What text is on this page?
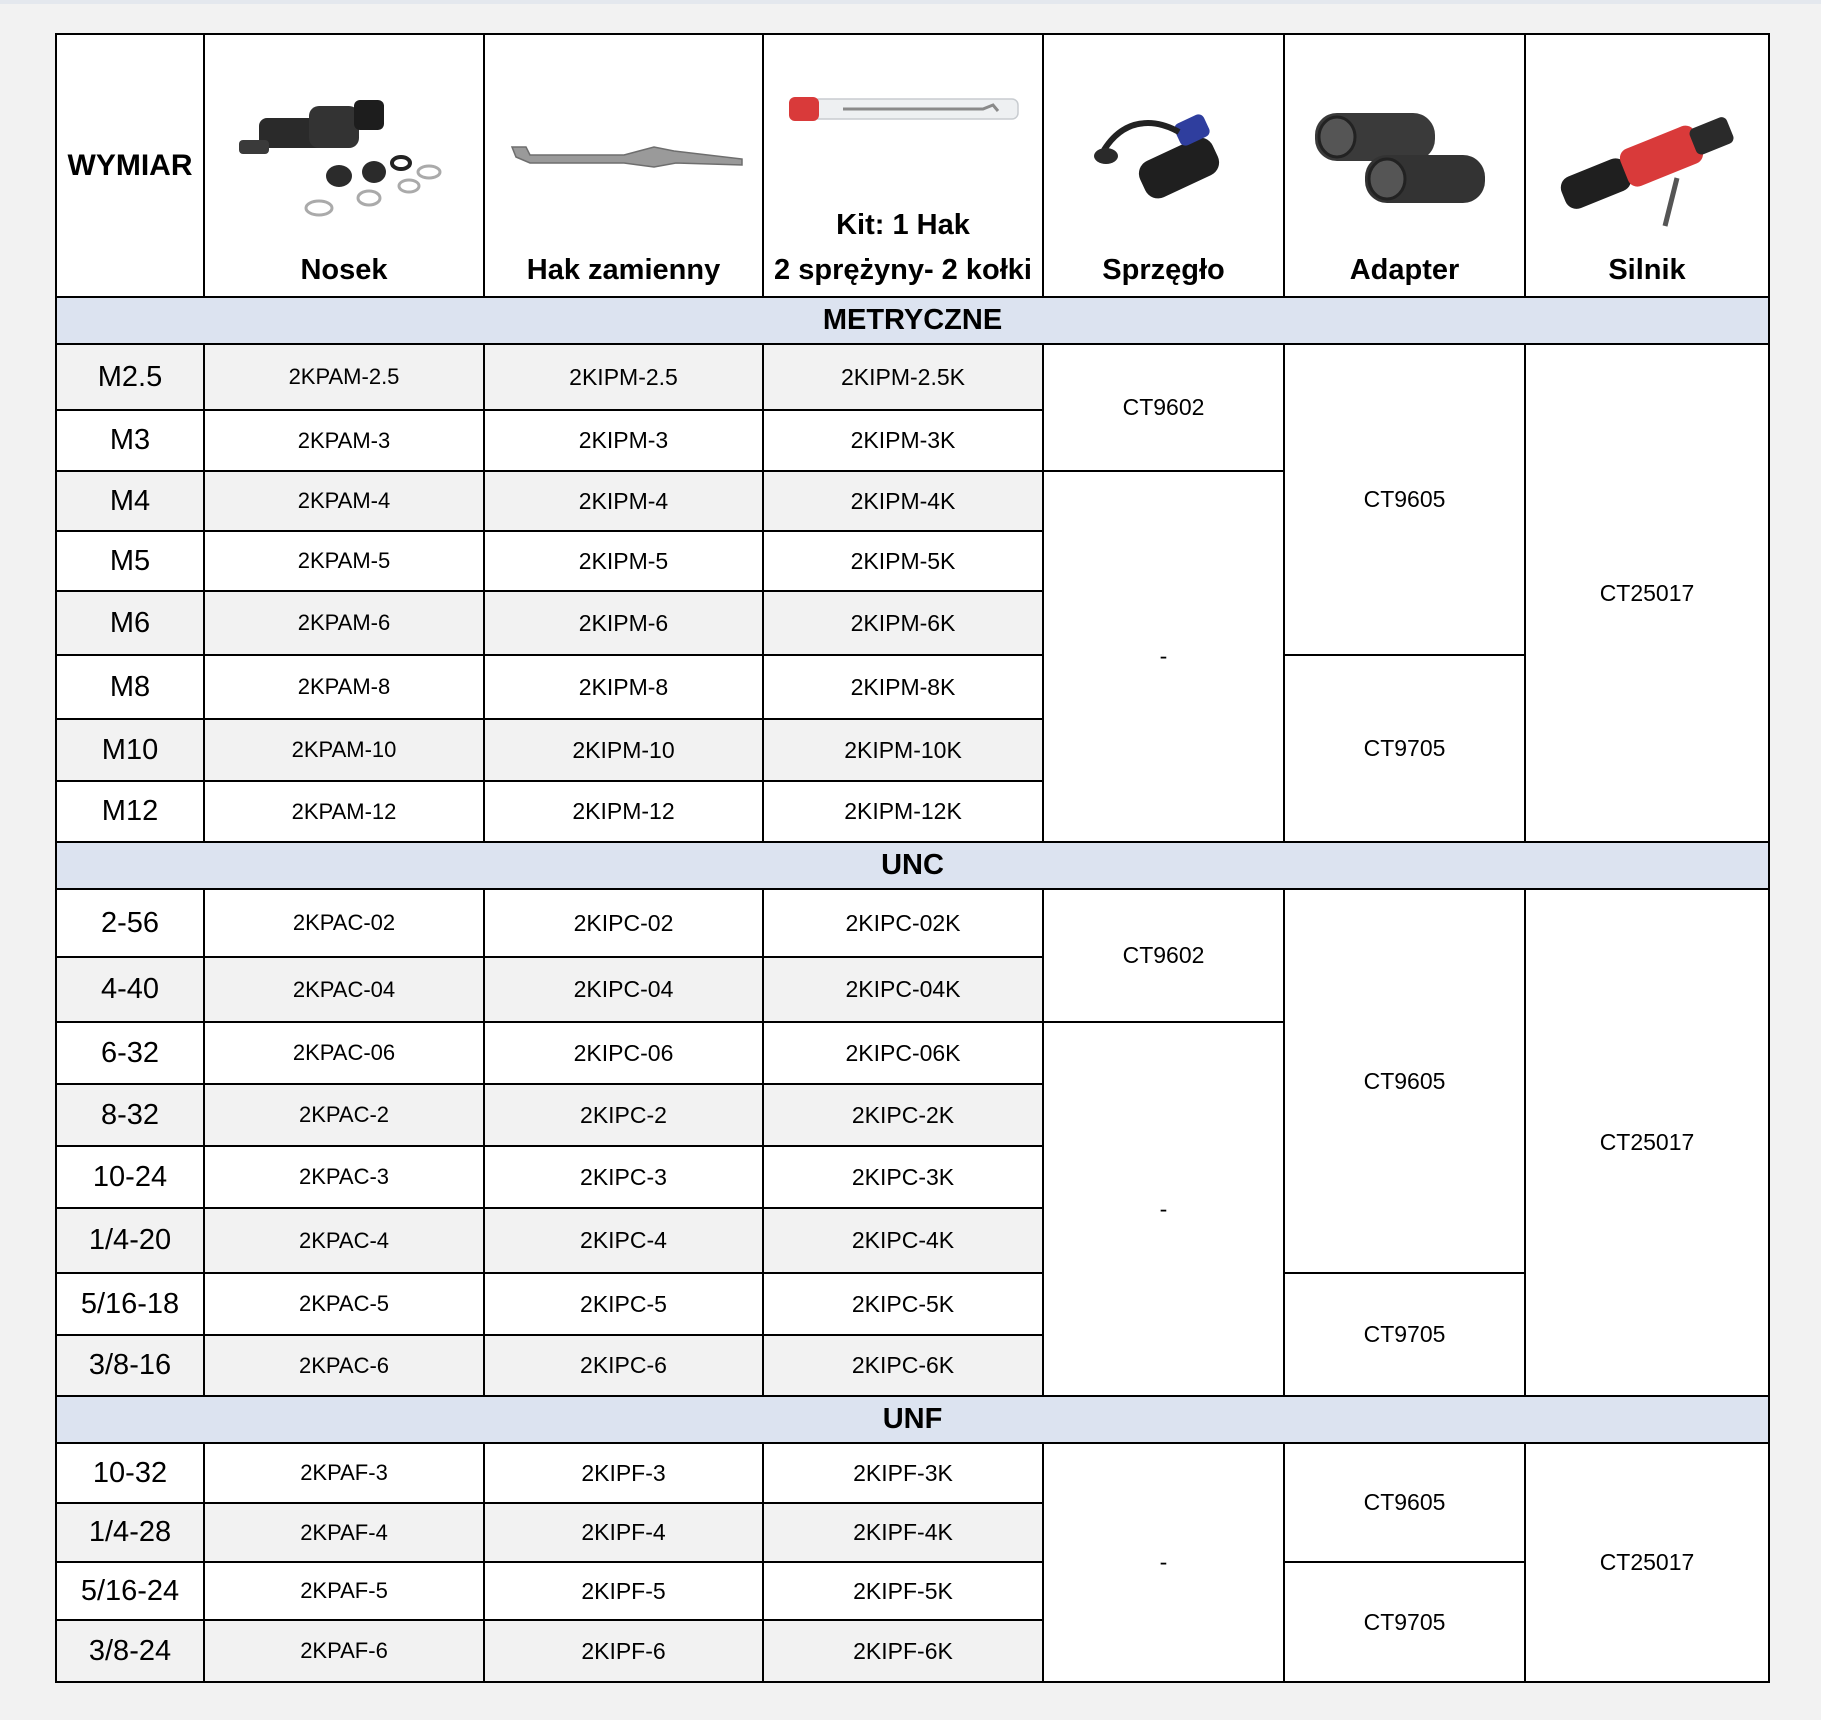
WYMIAR	Nosek	Hak zamienny	Kit: 1 Hak
2 sprężyny- 2 kołki	Sprzęgło	Adapter	Silnik

METRYCZNE						
M2.5	2KPAM-2.5	2KIPM-2.5	2KIPM-2.5K	CT9602	CT9605	CT25017
M3	2KPAM-3	2KIPM-3	2KIPM-3K			
M4	2KPAM-4	2KIPM-4	2KIPM-4K	-		
M5	2KPAM-5	2KIPM-5	2KIPM-5K			
M6	2KPAM-6	2KIPM-6	2KIPM-6K			
M8	2KPAM-8	2KIPM-8	2KIPM-8K		CT9705	
M10	2KPAM-10	2KIPM-10	2KIPM-10K			
M12	2KPAM-12	2KIPM-12	2KIPM-12K			
UNC						
2-56	2KPAC-02	2KIPC-02	2KIPC-02K	CT9602	CT9605	CT25017
4-40	2KPAC-04	2KIPC-04	2KIPC-04K			
6-32	2KPAC-06	2KIPC-06	2KIPC-06K	-		
8-32	2KPAC-2	2KIPC-2	2KIPC-2K			
10-24	2KPAC-3	2KIPC-3	2KIPC-3K			
1/4-20	2KPAC-4	2KIPC-4	2KIPC-4K			
5/16-18	2KPAC-5	2KIPC-5	2KIPC-5K		CT9705	
3/8-16	2KPAC-6	2KIPC-6	2KIPC-6K			
UNF						
10-32	2KPAF-3	2KIPF-3	2KIPF-3K	-	CT9605	CT25017
1/4-28	2KPAF-4	2KIPF-4	2KIPF-4K			
5/16-24	2KPAF-5	2KIPF-5	2KIPF-5K		CT9705	
3/8-24	2KPAF-6	2KIPF-6	2KIPF-6K			
